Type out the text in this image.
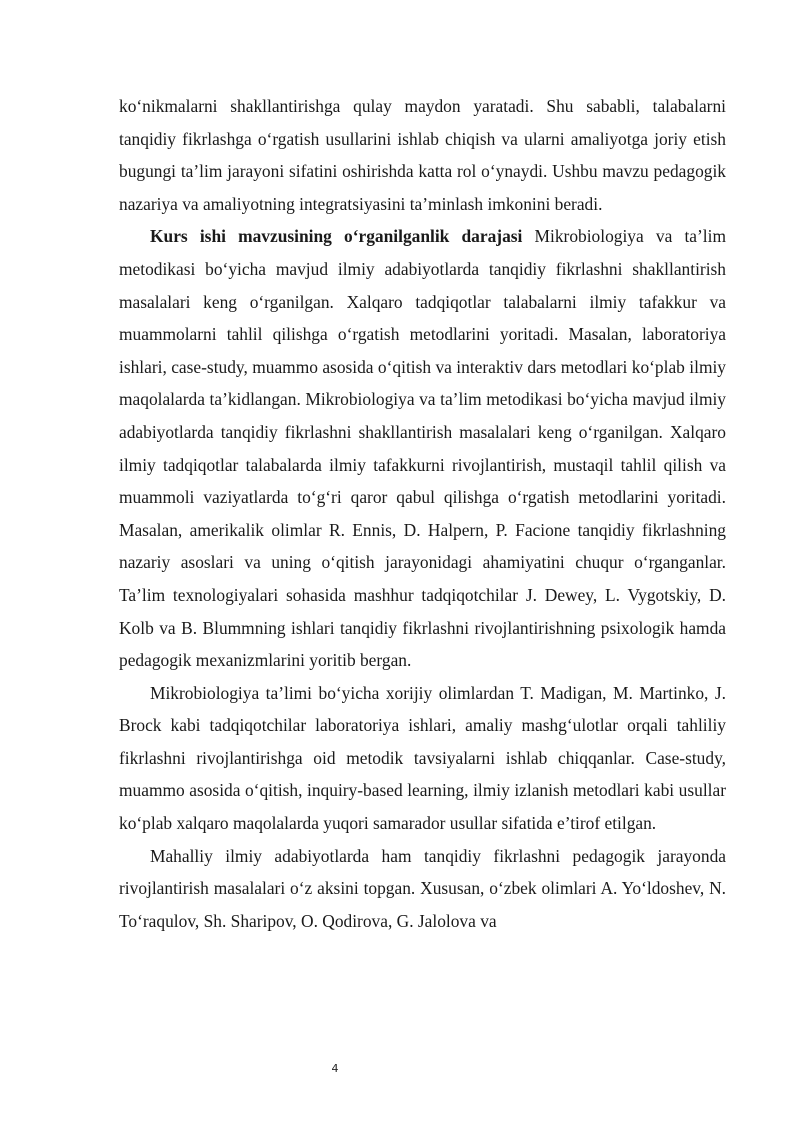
ko‘nikmalarni shakllantirishga qulay maydon yaratadi. Shu sababli, talabalarni tanqidiy fikrlashga o‘rgatish usullarini ishlab chiqish va ularni amaliyotga joriy etish bugungi ta’lim jarayoni sifatini oshirishda katta rol o‘ynaydi. Ushbu mavzu pedagogik nazariya va amaliyotning integratsiyasini ta’minlash imkonini beradi.

Kurs ishi mavzusining o‘rganilganlik darajasi Mikrobiologiya va ta’lim metodikasi bo‘yicha mavjud ilmiy adabiyotlarda tanqidiy fikrlashni shakllantirish masalalari keng o‘rganilgan. Xalqaro tadqiqotlar talabalarni ilmiy tafakkur va muammolarni tahlil qilishga o‘rgatish metodlarini yoritadi. Masalan, laboratoriya ishlari, case-study, muammo asosida o‘qitish va interaktiv dars metodlari ko‘plab ilmiy maqolalarda ta’kidlangan. Mikrobiologiya va ta’lim metodikasi bo‘yicha mavjud ilmiy adabiyotlarda tanqidiy fikrlashni shakllantirish masalalari keng o‘rganilgan. Xalqaro ilmiy tadqiqotlar talabalarda ilmiy tafakkurni rivojlantirish, mustaqil tahlil qilish va muammoli vaziyatlarda to‘g‘ri qaror qabul qilishga o‘rgatish metodlarini yoritadi. Masalan, amerikalik olimlar R. Ennis, D. Halpern, P. Facione tanqidiy fikrlashning nazariy asoslari va uning o‘qitish jarayonidagi ahamiyatini chuqur o‘rganganlar. Ta’lim texnologiyalari sohasida mashhur tadqiqotchilar J. Dewey, L. Vygotskiy, D. Kolb va B. Blummning ishlari tanqidiy fikrlashni rivojlantirishning psixologik hamda pedagogik mexanizmlarini yoritib bergan.

Mikrobiologiya ta’limi bo‘yicha xorijiy olimlardan T. Madigan, M. Martinko, J. Brock kabi tadqiqotchilar laboratoriya ishlari, amaliy mashg‘ulotlar orqali tahliliy fikrlashni rivojlantirishga oid metodik tavsiyalarni ishlab chiqqanlar. Case-study, muammo asosida o‘qitish, inquiry-based learning, ilmiy izlanish metodlari kabi usullar ko‘plab xalqaro maqolalarda yuqori samarador usullar sifatida e’tirof etilgan.

Mahalliy ilmiy adabiyotlarda ham tanqidiy fikrlashni pedagogik jarayonda rivojlantirish masalalari o‘z aksini topgan. Xususan, o‘zbek olimlari A. Yo‘ldoshev, N. To‘raqulov, Sh. Sharipov, O. Qodirova, G. Jalolova va

4
